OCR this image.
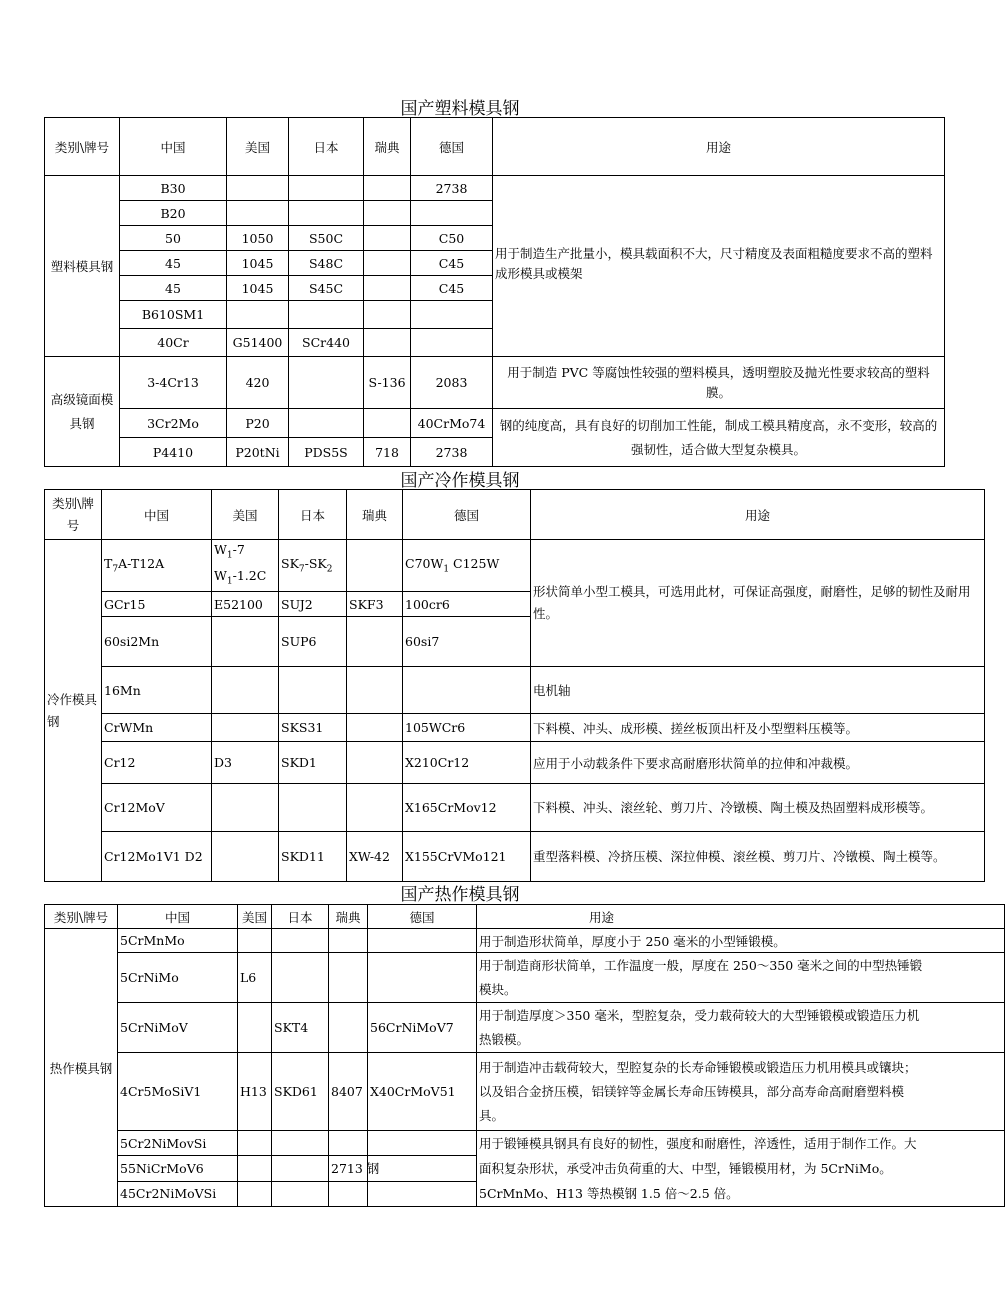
国产塑料模具钢
类别\牌号	中国	美国	日本	瑞典	德国	用途
塑料模具钢	B30				2738	用于制造生产批量小，模具载面积不大，尺寸精度及表面粗糙度要求不高的塑料成形模具或模架
	B20					
	50	1050	S50C		C50	
	45	1045	S48C		C45	
	45	1045	S45C		C45	
	B610SM1					
	40Cr	G51400	SCr440			
高级镜面模具钢	3-4Cr13	420		S-136	2083	用于制造 PVC 等腐蚀性较强的塑料模具，透明塑胶及抛光性要求较高的塑料膜。
	3Cr2Mo	P20			40CrMo74	钢的纯度高，具有良好的切削加工性能，制成工模具精度高，永不变形，较高的强韧性，适合做大型复杂模具。
	P4410	P20tNi	PDS5S	718	2738	
国产冷作模具钢
类别\牌号	中国	美国	日本	瑞典	德国	用途
冷作模具钢	$T_7A-T12A$	$W_1-7$
$W_1-1.2C$	$SK_7-SK_2$		$C70W_1$ C125W	形状简单小型工模具，可选用此材，可保证高强度，耐磨性，足够的韧性及耐用性。
	GCr15	E52100	SUJ2	SKF3	100cr6	
	60si2Mn		SUP6		60si7	
	16Mn					电机轴
	CrWMn		SKS31		105WCr6	下料模、冲头、成形模、搓丝板顶出杆及小型塑料压模等。
	Cr12	D3	SKD1		X210Cr12	应用于小动载条件下要求高耐磨形状简单的拉伸和冲裁模。
	Cr12MoV				X165CrMov12	下料模、冲头、滚丝轮、剪刀片、冷镦模、陶土模及热固塑料成形模等。
	Cr12Mo1V1 D2		SKD11	XW-42	X155CrVMo121	重型落料模、冷挤压模、深拉伸模、滚丝模、剪刀片、冷镦模、陶土模等。
国产热作模具钢
类别\牌号	中国	美国	日本	瑞典	德国	用途
热作模具钢	5CrMnMo					用于制造形状简单，厚度小于 250 毫米的小型锤锻模。
	5CrNiMo	L6				用于制造商形状简单，工作温度一般，厚度在 250～350 毫米之间的中型热锤锻模块。
	5CrNiMoV		SKT4		56CrNiMoV7	用于制造厚度＞350 毫米，型腔复杂，受力载荷较大的大型锤锻模或锻造压力机热锻模。
	4Cr5MoSiV1	H13	SKD61	8407	X40CrMoV51	用于制造冲击载荷较大，型腔复杂的长寿命锤锻模或锻造压力机用模具或镶块；以及铝合金挤压模，铝镁锌等金属长寿命压铸模具，部分高寿命高耐磨塑料模具。
	5Cr2NiMovSi					用于锻锤模具钢具有良好的韧性，强度和耐磨性，淬透性，适用于制作工作。大面积复杂形状，承受冲击负荷重的大、中型，锤锻模用材，为 5CrNiMo。5CrMnMo、H13 等热模钢 1.5 倍～2.5 倍。
	55NiCrMoV6			2713 钢		
	45Cr2NiMoVSi					
